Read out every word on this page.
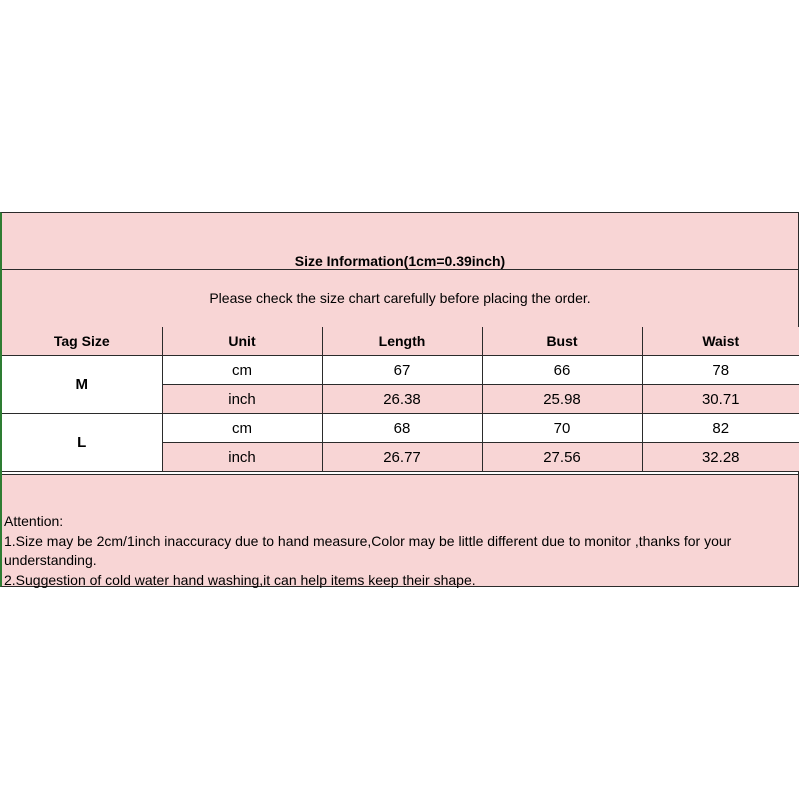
Size Information(1cm=0.39inch)
Please check the size chart carefully before placing the order.
Tag Size	Unit	Length	Bust	Waist
M	cm	67	66	78
	inch	26.38	25.98	30.71
L	cm	68	70	82
	inch	26.77	27.56	32.28
Attention:
1.Size may be 2cm/1inch inaccuracy due to hand measure,Color may be little different due to monitor ,thanks for your
understanding.
2.Suggestion of cold water hand washing,it can help items keep their shape.
